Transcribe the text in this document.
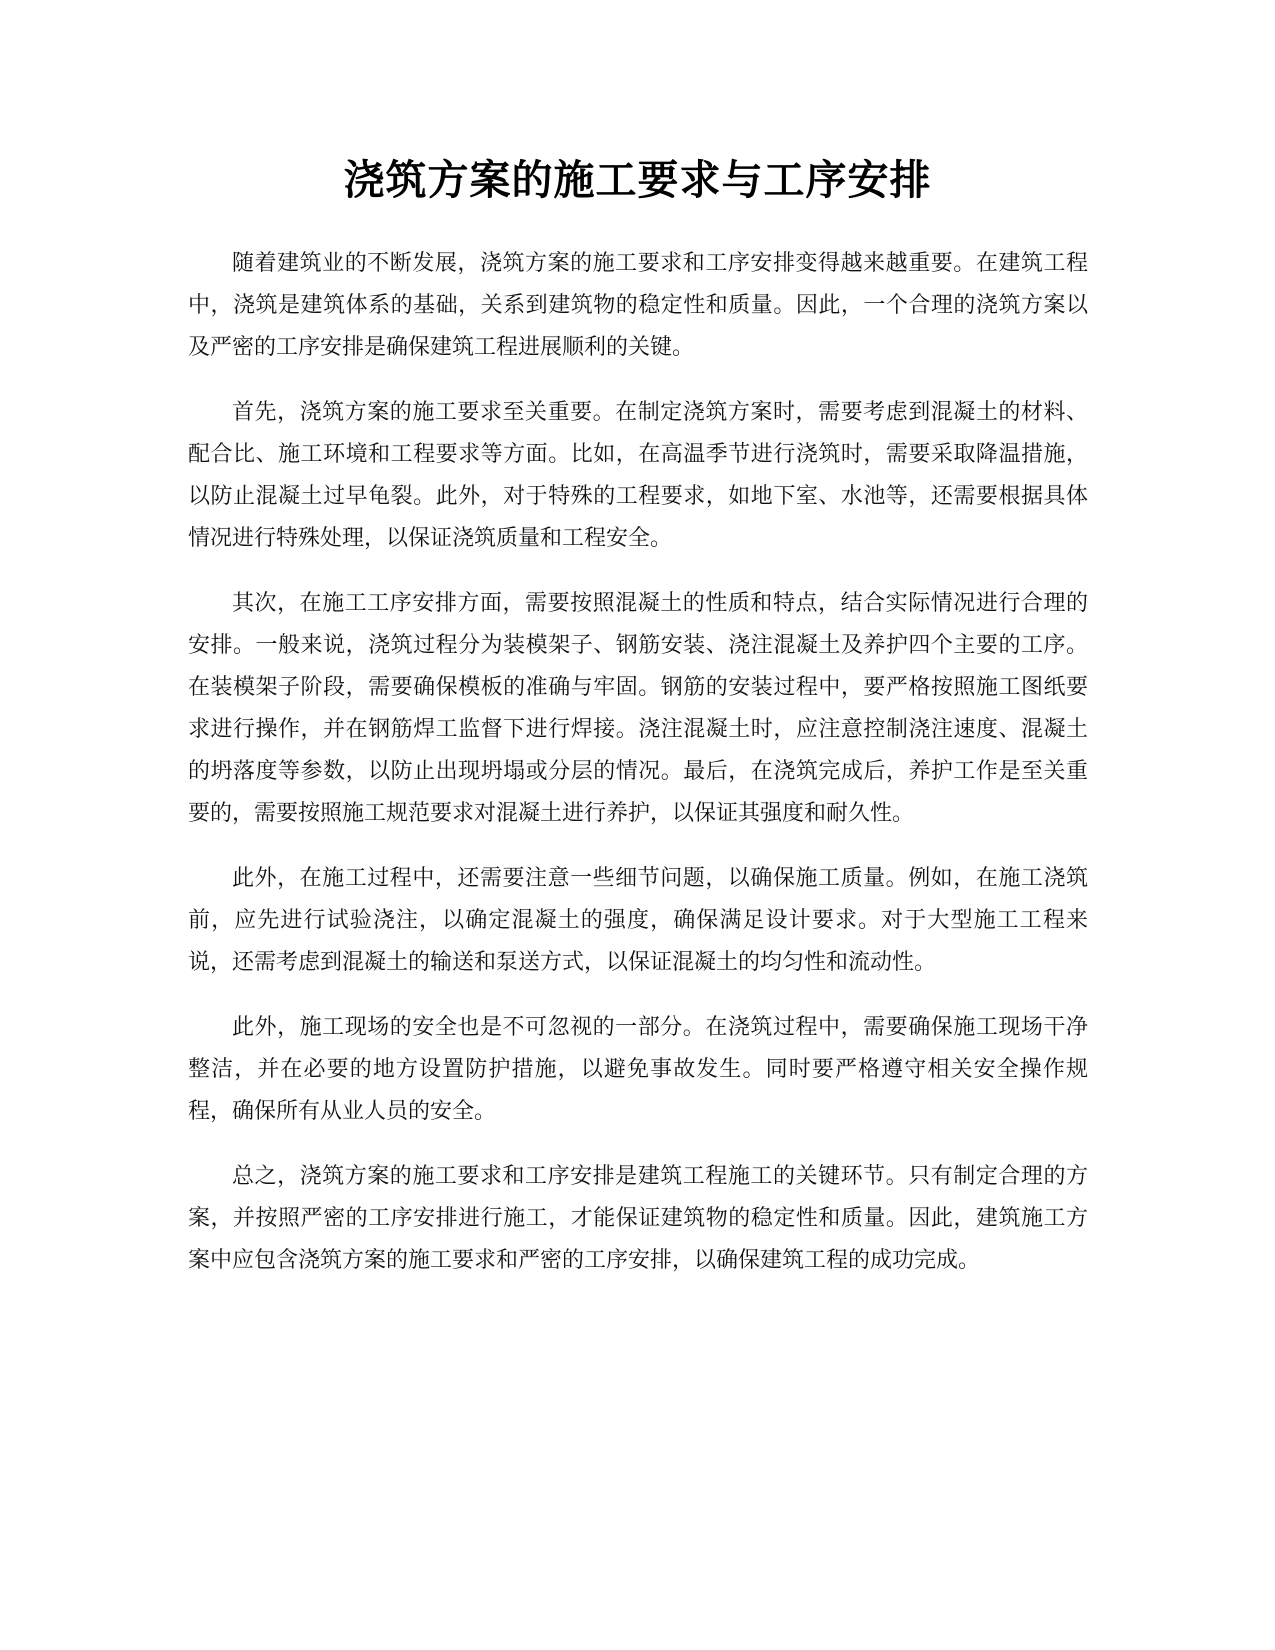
浇筑方案的施工要求与工序安排

随着建筑业的不断发展，浇筑方案的施工要求和工序安排变得越来越重要。在建筑工程中，浇筑是建筑体系的基础，关系到建筑物的稳定性和质量。因此，一个合理的浇筑方案以及严密的工序安排是确保建筑工程进展顺利的关键。

首先，浇筑方案的施工要求至关重要。在制定浇筑方案时，需要考虑到混凝土的材料、配合比、施工环境和工程要求等方面。比如，在高温季节进行浇筑时，需要采取降温措施，以防止混凝土过早龟裂。此外，对于特殊的工程要求，如地下室、水池等，还需要根据具体情况进行特殊处理，以保证浇筑质量和工程安全。

其次，在施工工序安排方面，需要按照混凝土的性质和特点，结合实际情况进行合理的安排。一般来说，浇筑过程分为装模架子、钢筋安装、浇注混凝土及养护四个主要的工序。在装模架子阶段，需要确保模板的准确与牢固。钢筋的安装过程中，要严格按照施工图纸要求进行操作，并在钢筋焊工监督下进行焊接。浇注混凝土时，应注意控制浇注速度、混凝土的坍落度等参数，以防止出现坍塌或分层的情况。最后，在浇筑完成后，养护工作是至关重要的，需要按照施工规范要求对混凝土进行养护，以保证其强度和耐久性。

此外，在施工过程中，还需要注意一些细节问题，以确保施工质量。例如，在施工浇筑前，应先进行试验浇注，以确定混凝土的强度，确保满足设计要求。对于大型施工工程来说，还需考虑到混凝土的输送和泵送方式，以保证混凝土的均匀性和流动性。

此外，施工现场的安全也是不可忽视的一部分。在浇筑过程中，需要确保施工现场干净整洁，并在必要的地方设置防护措施，以避免事故发生。同时要严格遵守相关安全操作规程，确保所有从业人员的安全。

总之，浇筑方案的施工要求和工序安排是建筑工程施工的关键环节。只有制定合理的方案，并按照严密的工序安排进行施工，才能保证建筑物的稳定性和质量。因此，建筑施工方案中应包含浇筑方案的施工要求和严密的工序安排，以确保建筑工程的成功完成。
